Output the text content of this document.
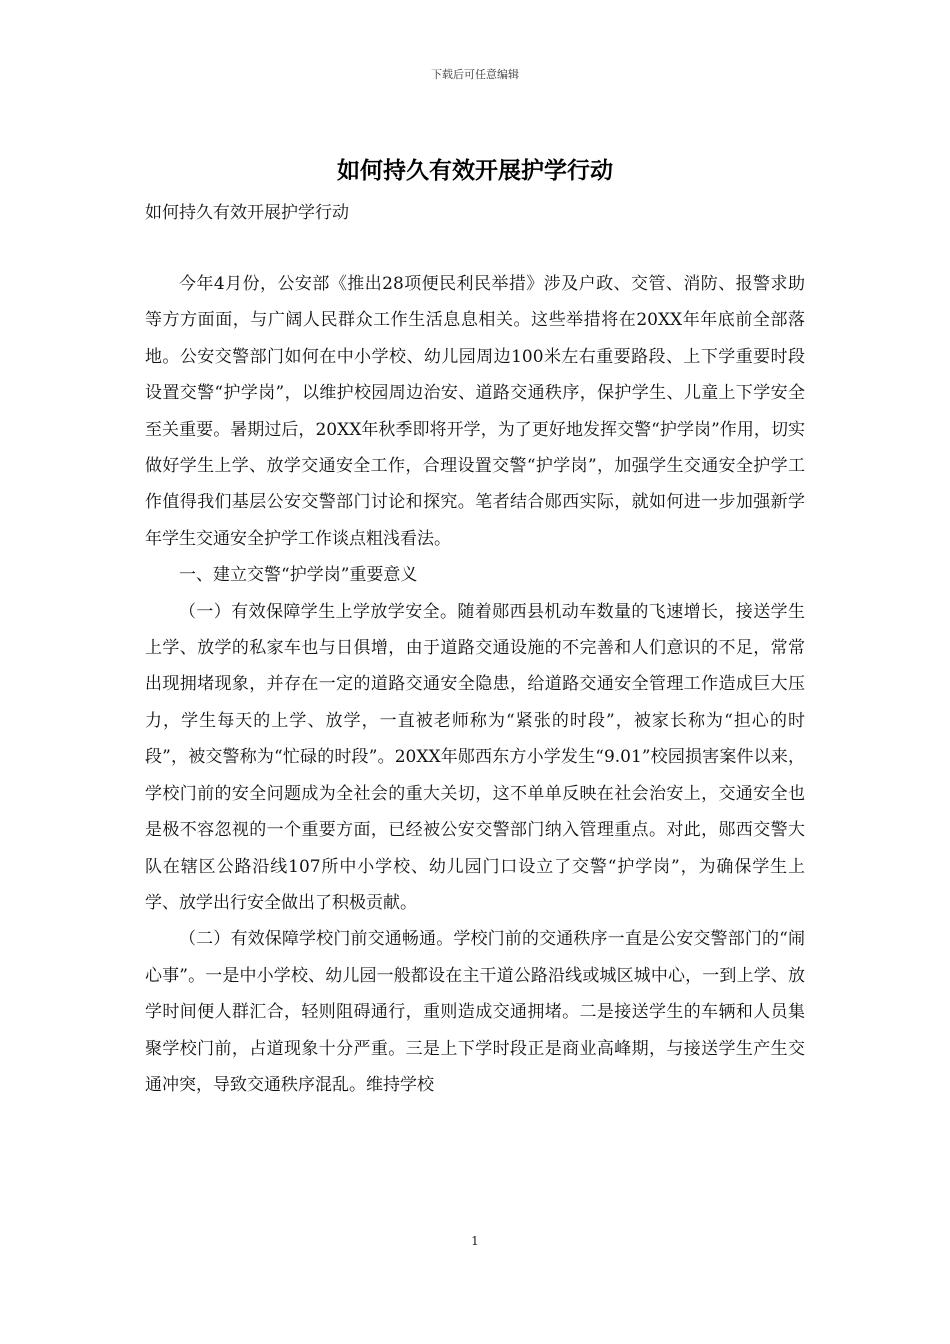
下载后可任意编辑
如何持久有效开展护学行动
如何持久有效开展护学行动

今年4月份，公安部《推出28项便民利民举措》涉及户政、交管、消防、报警求助等方方面面，与广阔人民群众工作生活息息相关。这些举措将在20XX年年底前全部落地。公安交警部门如何在中小学校、幼儿园周边100米左右重要路段、上下学重要时段设置交警“护学岗”，以维护校园周边治安、道路交通秩序，保护学生、儿童上下学安全至关重要。暑期过后，20XX年秋季即将开学，为了更好地发挥交警“护学岗”作用，切实做好学生上学、放学交通安全工作，合理设置交警“护学岗”，加强学生交通安全护学工作值得我们基层公安交警部门讨论和探究。笔者结合郧西实际，就如何进一步加强新学年学生交通安全护学工作谈点粗浅看法。

一、建立交警“护学岗”重要意义

（一）有效保障学生上学放学安全。随着郧西县机动车数量的飞速增长，接送学生上学、放学的私家车也与日俱增，由于道路交通设施的不完善和人们意识的不足，常常出现拥堵现象，并存在一定的道路交通安全隐患，给道路交通安全管理工作造成巨大压力，学生每天的上学、放学，一直被老师称为“紧张的时段”，被家长称为“担心的时段”，被交警称为“忙碌的时段”。20XX年郧西东方小学发生“9.01”校园损害案件以来，学校门前的安全问题成为全社会的重大关切，这不单单反映在社会治安上，交通安全也是极不容忽视的一个重要方面，已经被公安交警部门纳入管理重点。对此，郧西交警大队在辖区公路沿线107所中小学校、幼儿园门口设立了交警“护学岗”，为确保学生上学、放学出行安全做出了积极贡献。

（二）有效保障学校门前交通畅通。学校门前的交通秩序一直是公安交警部门的“闹心事”。一是中小学校、幼儿园一般都设在主干道公路沿线或城区城中心，一到上学、放学时间便人群汇合，轻则阻碍通行，重则造成交通拥堵。二是接送学生的车辆和人员集聚学校门前，占道现象十分严重。三是上下学时段正是商业高峰期，与接送学生产生交通冲突，导致交通秩序混乱。维持学校

1
